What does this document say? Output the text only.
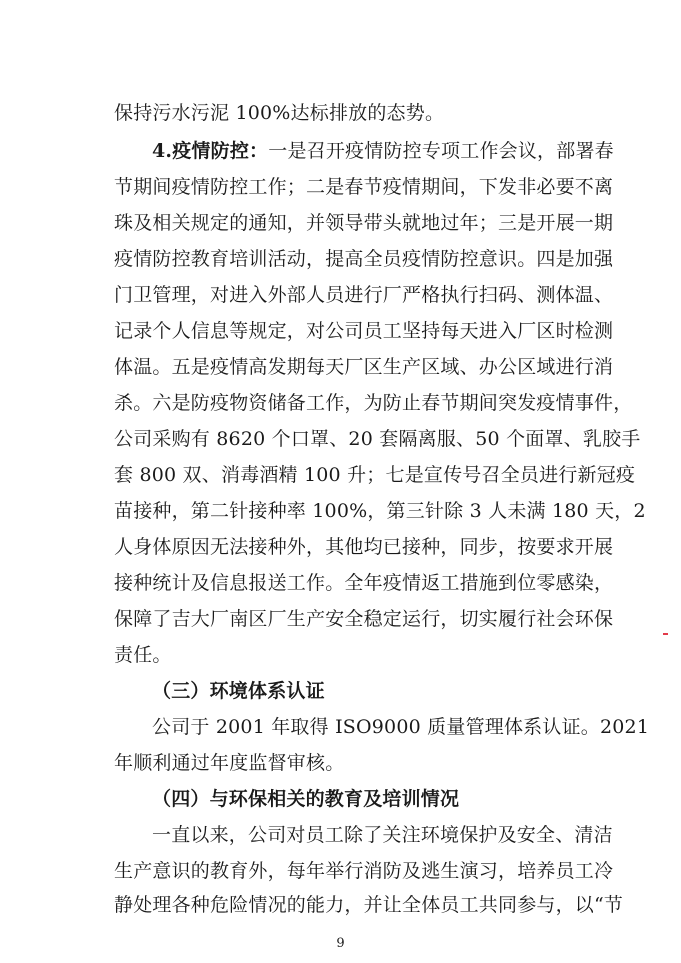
保持污水污泥 100%达标排放的态势。
4.疫情防控：一是召开疫情防控专项工作会议，部署春
节期间疫情防控工作；二是春节疫情期间，下发非必要不离
珠及相关规定的通知，并领导带头就地过年；三是开展一期
疫情防控教育培训活动，提高全员疫情防控意识。四是加强
门卫管理，对进入外部人员进行厂严格执行扫码、测体温、
记录个人信息等规定，对公司员工坚持每天进入厂区时检测
体温。五是疫情高发期每天厂区生产区域、办公区域进行消
杀。六是防疫物资储备工作，为防止春节期间突发疫情事件，
公司采购有 8620 个口罩、20 套隔离服、50 个面罩、乳胶手
套 800 双、消毒酒精 100 升；七是宣传号召全员进行新冠疫
苗接种，第二针接种率 100%，第三针除 3 人未满 180 天，2
人身体原因无法接种外，其他均已接种，同步，按要求开展
接种统计及信息报送工作。全年疫情返工措施到位零感染，
保障了吉大厂南区厂生产安全稳定运行，切实履行社会环保
责任。
（三）环境体系认证
公司于 2001 年取得 ISO9000 质量管理体系认证。2021
年顺利通过年度监督审核。
（四）与环保相关的教育及培训情况
一直以来，公司对员工除了关注环境保护及安全、清洁
生产意识的教育外，每年举行消防及逃生演习，培养员工冷
静处理各种危险情况的能力，并让全体员工共同参与，以“节
9
